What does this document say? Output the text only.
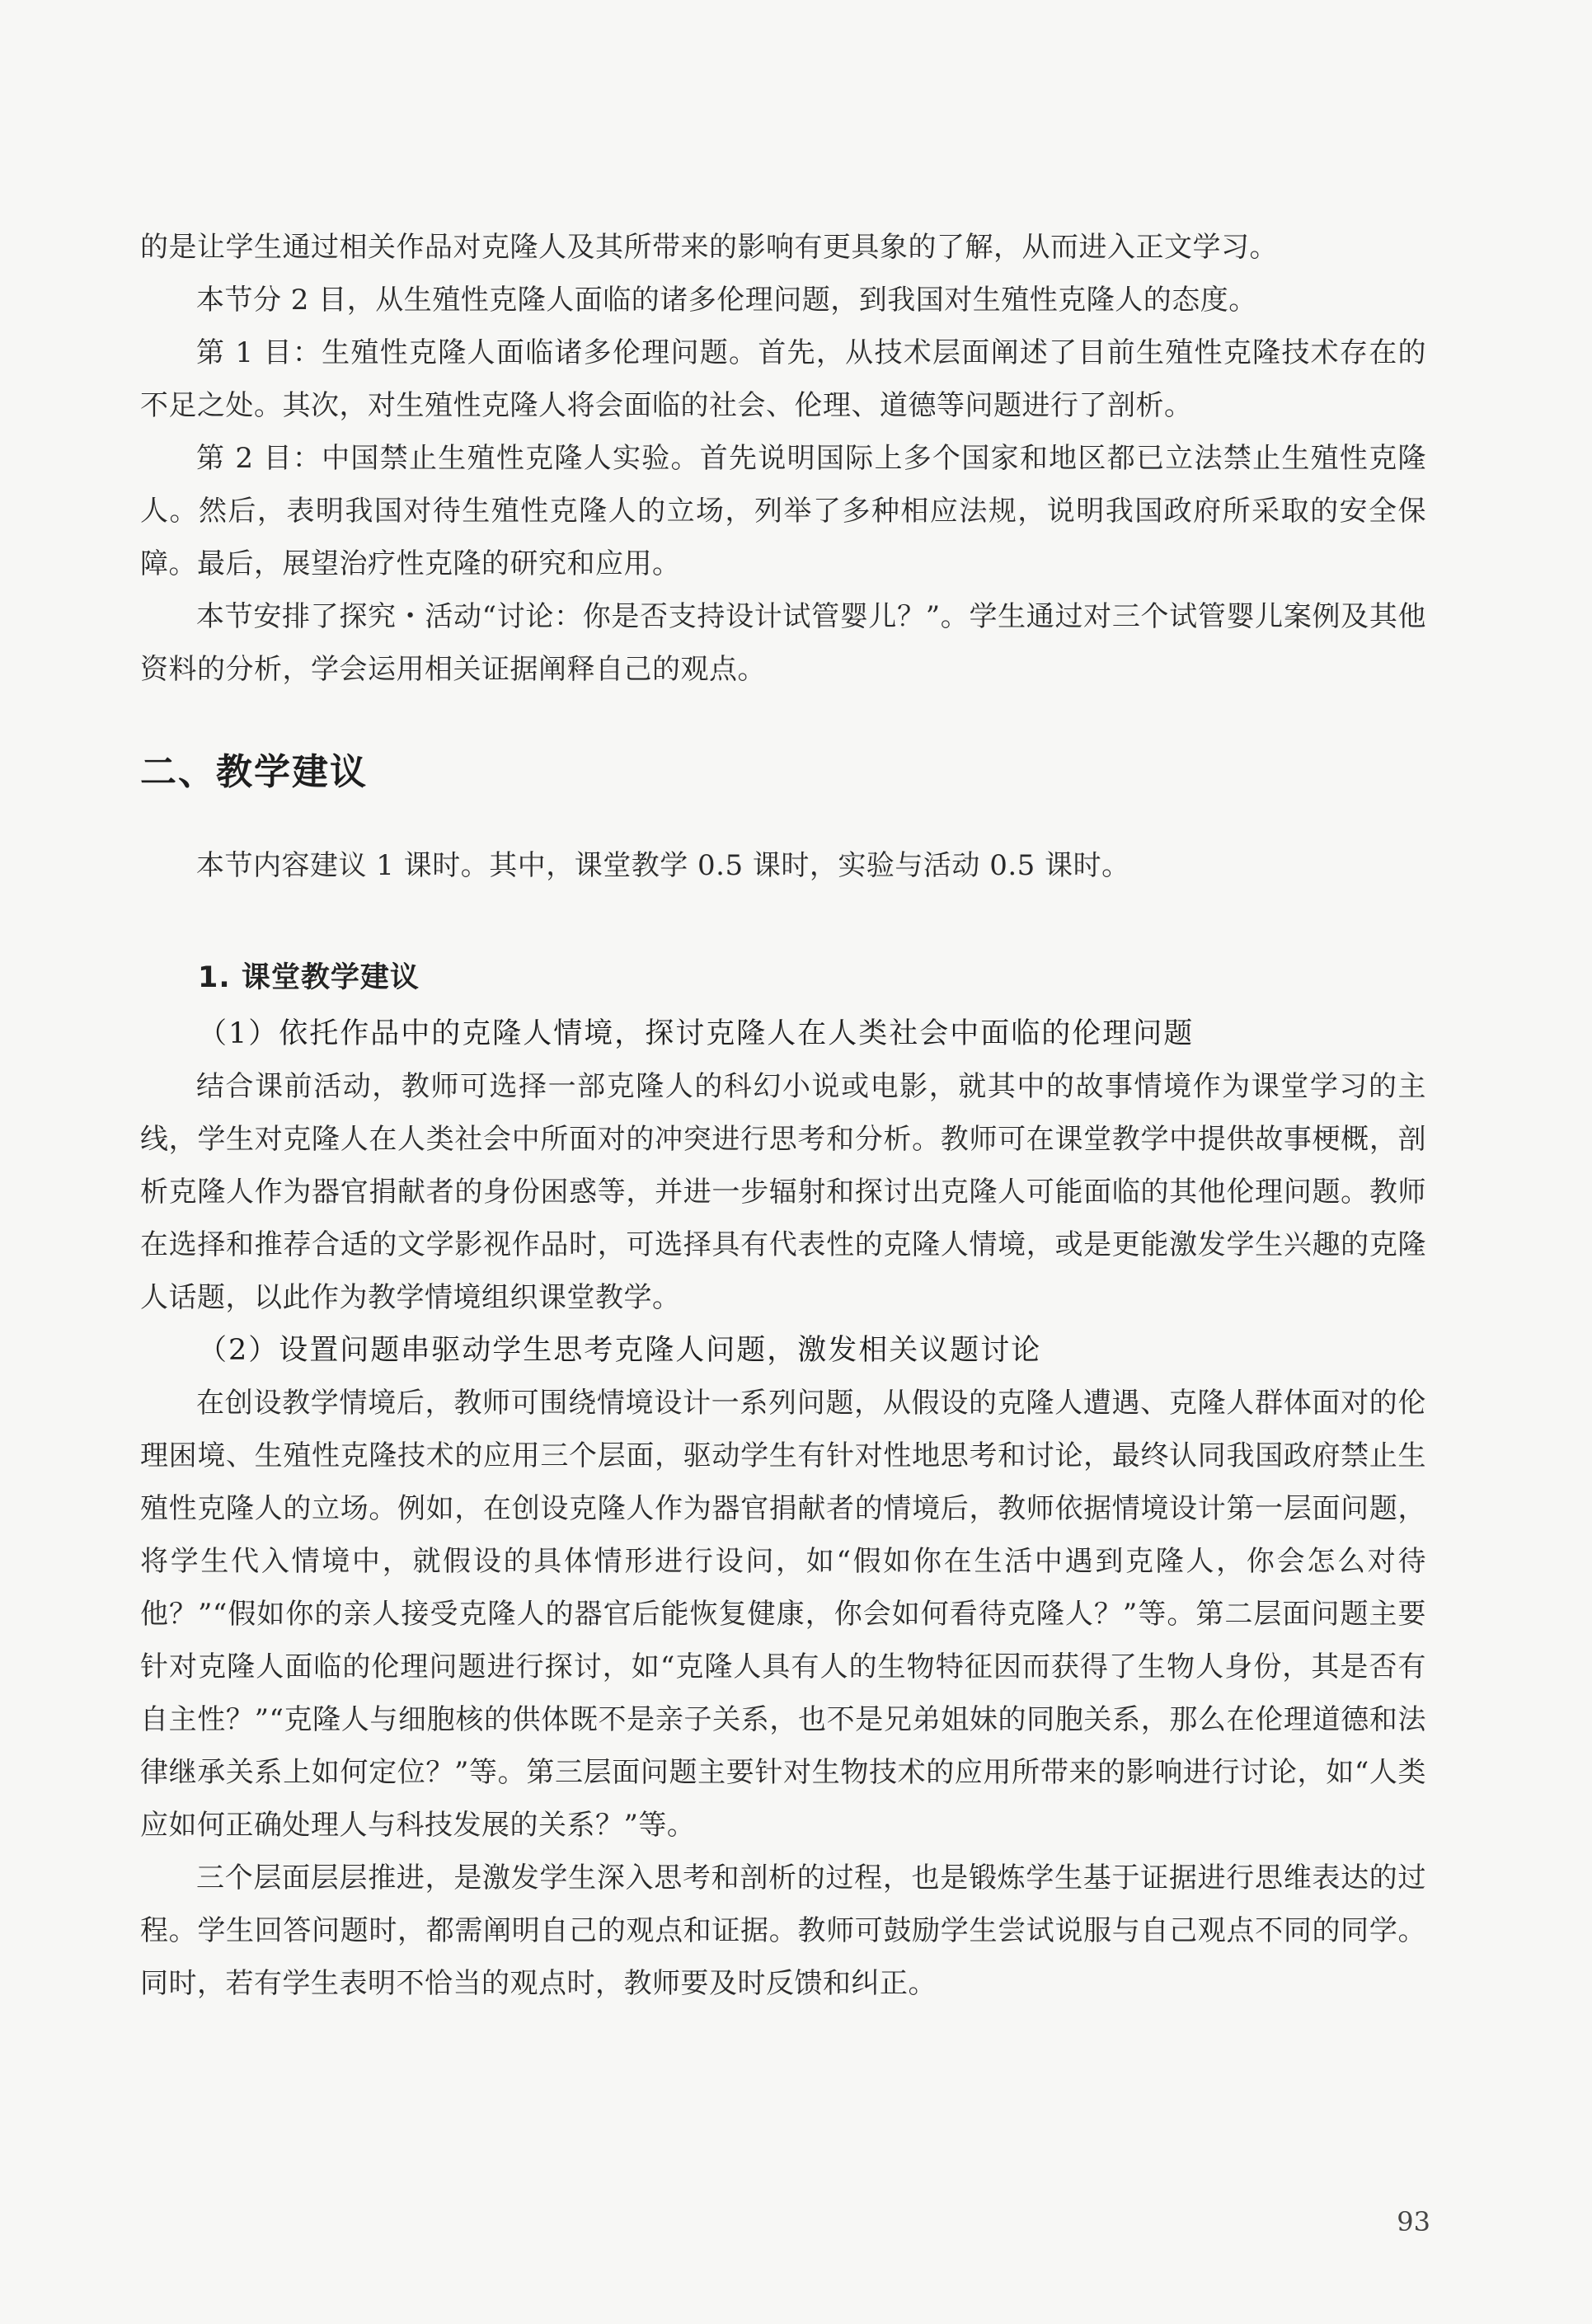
的是让学生通过相关作品对克隆人及其所带来的影响有更具象的了解，从而进入正文学习。

本节分 2 目，从生殖性克隆人面临的诸多伦理问题，到我国对生殖性克隆人的态度。

第 1 目：生殖性克隆人面临诸多伦理问题。首先，从技术层面阐述了目前生殖性克隆技术存在的不足之处。其次，对生殖性克隆人将会面临的社会、伦理、道德等问题进行了剖析。

第 2 目：中国禁止生殖性克隆人实验。首先说明国际上多个国家和地区都已立法禁止生殖性克隆人。然后，表明我国对待生殖性克隆人的立场，列举了多种相应法规，说明我国政府所采取的安全保障。最后，展望治疗性克隆的研究和应用。

本节安排了探究・活动“讨论：你是否支持设计试管婴儿？”。学生通过对三个试管婴儿案例及其他资料的分析，学会运用相关证据阐释自己的观点。

二、教学建议

本节内容建议 1 课时。其中，课堂教学 0.5 课时，实验与活动 0.5 课时。

1. 课堂教学建议

（1）依托作品中的克隆人情境，探讨克隆人在人类社会中面临的伦理问题

结合课前活动，教师可选择一部克隆人的科幻小说或电影，就其中的故事情境作为课堂学习的主线，学生对克隆人在人类社会中所面对的冲突进行思考和分析。教师可在课堂教学中提供故事梗概，剖析克隆人作为器官捐献者的身份困惑等，并进一步辐射和探讨出克隆人可能面临的其他伦理问题。教师在选择和推荐合适的文学影视作品时，可选择具有代表性的克隆人情境，或是更能激发学生兴趣的克隆人话题，以此作为教学情境组织课堂教学。

（2）设置问题串驱动学生思考克隆人问题，激发相关议题讨论

在创设教学情境后，教师可围绕情境设计一系列问题，从假设的克隆人遭遇、克隆人群体面对的伦理困境、生殖性克隆技术的应用三个层面，驱动学生有针对性地思考和讨论，最终认同我国政府禁止生殖性克隆人的立场。例如，在创设克隆人作为器官捐献者的情境后，教师依据情境设计第一层面问题，将学生代入情境中，就假设的具体情形进行设问，如“假如你在生活中遇到克隆人，你会怎么对待他？”“假如你的亲人接受克隆人的器官后能恢复健康，你会如何看待克隆人？”等。第二层面问题主要针对克隆人面临的伦理问题进行探讨，如“克隆人具有人的生物特征因而获得了生物人身份，其是否有自主性？”“克隆人与细胞核的供体既不是亲子关系，也不是兄弟姐妹的同胞关系，那么在伦理道德和法律继承关系上如何定位？”等。第三层面问题主要针对生物技术的应用所带来的影响进行讨论，如“人类应如何正确处理人与科技发展的关系？”等。

三个层面层层推进，是激发学生深入思考和剖析的过程，也是锻炼学生基于证据进行思维表达的过程。学生回答问题时，都需阐明自己的观点和证据。教师可鼓励学生尝试说服与自己观点不同的同学。同时，若有学生表明不恰当的观点时，教师要及时反馈和纠正。

93
